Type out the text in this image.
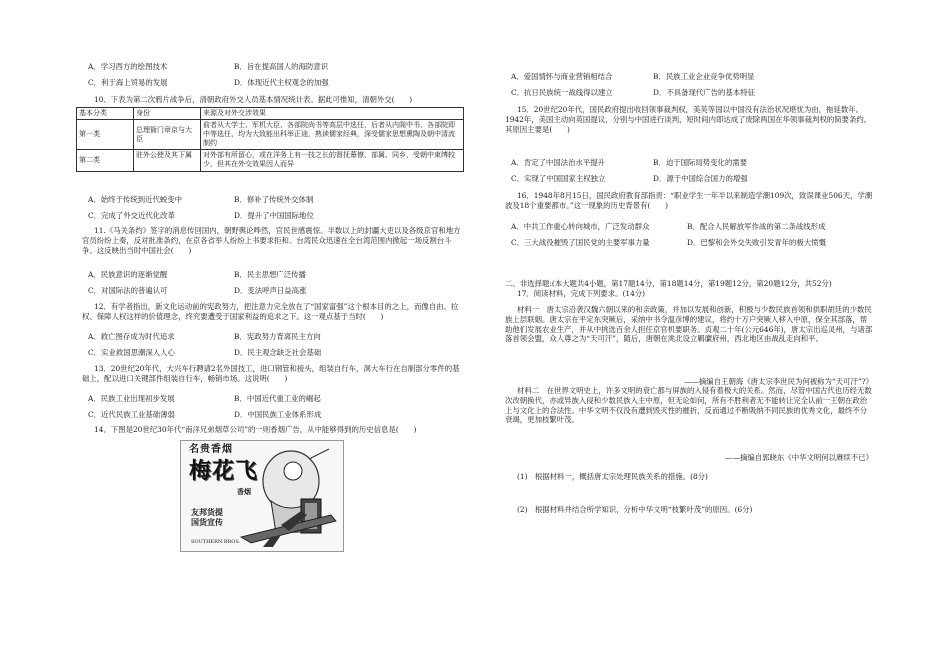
A．学习西方的绘图技术	B．旨在提高国人的海防意识
C．利于海上贸易的发展	D．体现近代主权观念的加强

10、下表为第二次鸦片战争后，清朝政府外交人员基本情况统计表。据此可推知，清朝外交(　　)

基本分类	身份	来源及对外交涉效果
第一类	总理衙门章京与大臣	前者从大学士、军机大臣、各部院尚书等高层中选任，后者从内阁中书、各部院即中等选任，均为大致能出科举正途，熟读儒家经典，深受儒家思想熏陶及朝中清流制约
第二类	驻外公使及其下属	对外部有所留心，或在洋务上有一技之长的督抚幕僚、部属、同乡，受朝中束缚较少，但其在外交效果因人而异
A．始终于传统到近代蜕变中	B．修补了传统外交体制
C．完成了外交近代化改革	D．提升了中国国际地位

11.《马关条约》签字的消息传回国内，朝野舆论哗然，官民世感震惊。半数以上的封疆大吏以及各级京官和地方官员纷纷上奏，反对批准条约，在京各省举人纷纷上书要求拒和。台湾民众迅速在全台湾范围内掀起一场反割台斗争。这反映出当时中国社会(　　)

A．民族意识的逐渐觉醒	B．民主思想广泛传播
C．对国际法的普遍认可	D．变法呼声日益高涨

12．有学者指出，新文化运动前的宪政努力，把注意力完全放在了“国家富强”这个根本目的之上，而像自由、拉权、保障人权这样的价值理念，终究要遭受于国家利益的追求之下。这一观点基于当时(　　)

A．救亡图存成为时代追求	B．宪政努力背离民主方向
C．实业救国思潮深入人心	D．民主观念缺乏社会基础

13．20世纪20年代，大兴车行聘请2名外国技工，进口钢管和接头，组装自行车，洞大车行在自制部分零件的基础上，配以进口关键部件组装自行车，畅销市场。这说明(　　)

A．民族工业出现初步发展	B．中国近代重工业的崛起
C．近代民族工业基础薄弱	D．中国民族工业体系形成

14．下图是20世纪30年代“南洋兄弟烟草公司”的一则香烟广告，从中能够得到的历史信息是(　　)

名贵香烟
梅花飞
香烟
友邦货提
国货宣传
SOUTHERN BROS.
A．爱国情怀与商业营销相结合	B．民族工业企业竞争优势明显
C．抗日民族统一战线得以建立	D．不具备现代广告的基本特征

15．20世纪20年代，国民政府提出收回领事裁判权，美英等国以中国没有法治状况堪忧为由，拖延数年。1942年，美国主动向英国提议，分别与中国进行谈判，短时间内即达成了废除两国在华领事裁判权的简要条约。其原因主要是(　　)

A．肯定了中国法治水平提升	B．迫于国际局势变化的需要
C．实现了中国国家主权独立	D．源于中国综合国力的增强

16．1948年8月15日，国民政府教育部指责：“职业学生一年半以来制造学潮109次，致误课业506天，学潮波及18个重要都市。”这一现象的历史背景有(　　)

A．中共工作重心转向城市，广泛发动群众	B．配合人民解放军作战的第二条战线形成
C．三大战役摧毁了国民党的主要军事力量	D．巴黎和会外交失败引发青年的极大愤慨

二、非选择题:(本大题共4小题，第17题14分，第18题14分，第19题12分，第20题12分，共52分)

17．阅读材料，完成下列要求。(14分)

材料一　唐太宗沿袭汉魏六朝以来的和亲政策，并加以发展和创新，积极与少数民族首领和供职胡廷的少数民族上层联姻。唐太宗在平定东突厥后，采纳中书令温彦博的建议，将约十万户突厥人移入中原，保全其部落，帮助他们发展农业生产，并从中挑选百余人担任京官机要职务。贞观二十年(公元646年)，唐太宗出巡灵州，与诸部落首领会盟，众人尊之为“天可汗”，随后，唐朝在洮北设立羁縻府州，西北地区由战乱走向和平。

——摘编自王朝海《唐太宗李世民为何被称为“天可汗”?》

材料二　在世界文明史上，许多文明的衰亡都与屏族的入侵有着极大的关系。然而，尽管中国古代也历经无数次改朝换代，亦或异族入侵和少数民族入主中原，但无论如何，所有不胜利者无不能转让完全认前一王朝在政治上与文化上的合法性。中华文明不仅没有遭到毁灭性的摧折，反而通过不断吸纳不同民族的优秀文化，最终不分衰竭，更加枝繁叶茂。

——摘编自郭晓东《中华文明何以赓续不已》

(1)　根据材料一，概括唐太宗处理民族关系的措施。(8分)

(2)　根据材料并结合所学知识，分析中华文明“枝繁叶茂”的原因。(6分)
